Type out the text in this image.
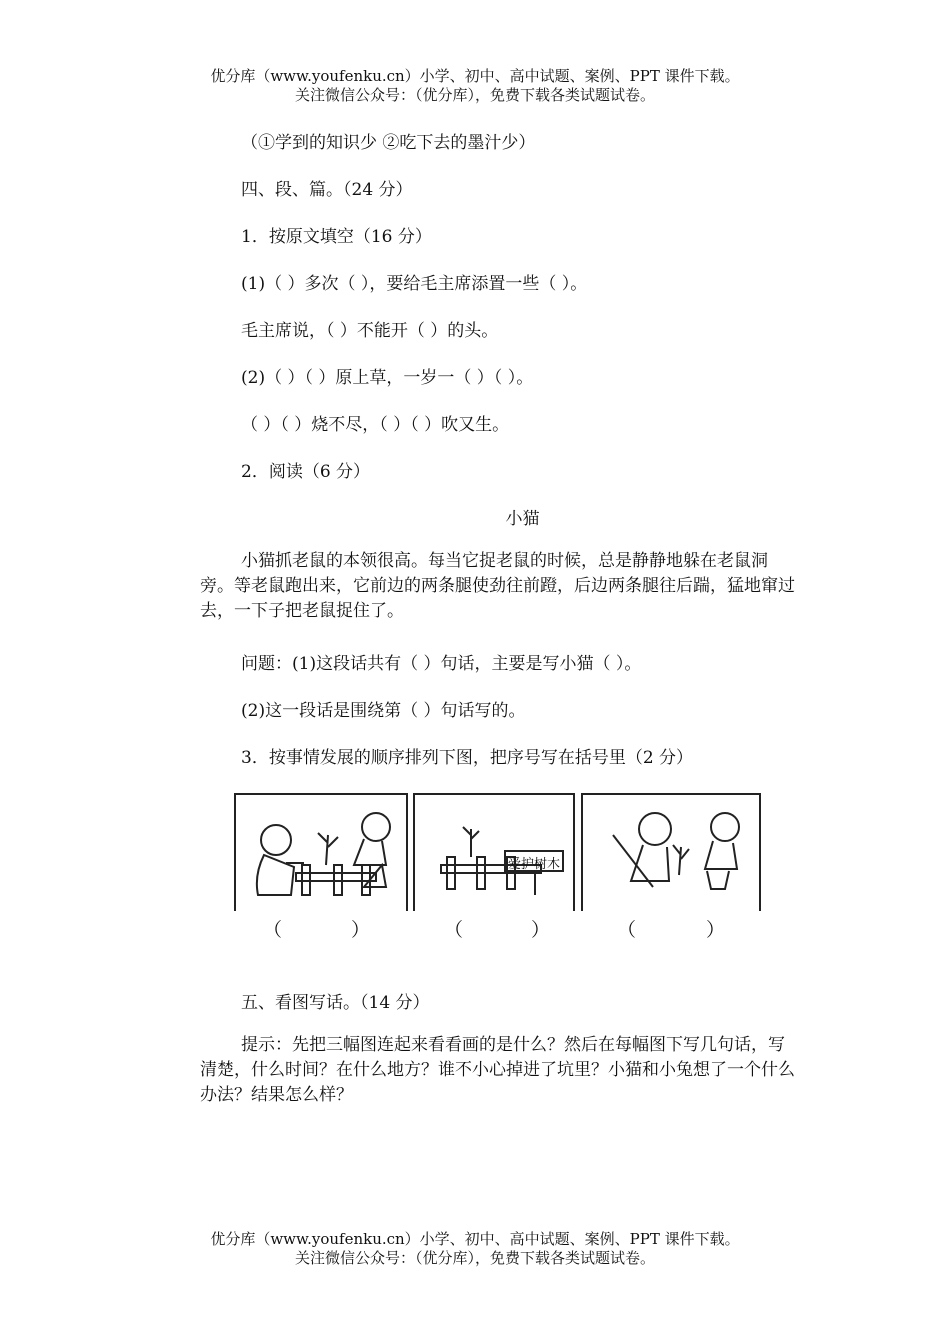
优分库（www.youfenku.cn）小学、初中、高中试题、案例、PPT 课件下载。
关注微信公众号：（优分库），免费下载各类试题试卷。
（①学到的知识少 ②吃下去的墨汁少）
四、段、篇。（24 分）
1．按原文填空（16 分）
(1)（ ）多次（ ），要给毛主席添置一些（ ）。
毛主席说，（ ）不能开（ ）的头。
(2)（ ）（ ）原上草，一岁一（ ）（ ）。
（ ）（ ）烧不尽，（ ）（ ）吹又生。
2．阅读（6 分）
小猫
小猫抓老鼠的本领很高。每当它捉老鼠的时候，总是静静地躲在老鼠洞旁。等老鼠跑出来，它前边的两条腿使劲往前蹬，后边两条腿往后踹，猛地窜过去，一下子把老鼠捉住了。
问题：(1)这段话共有（ ）句话，主要是写小猫（ ）。
(2)这一段话是围绕第（ ）句话写的。
3．按事情发展的顺序排列下图，把序号写在括号里（2 分）
爱护树木
（	）	（	）	（	）
五、看图写话。（14 分）
提示：先把三幅图连起来看看画的是什么？然后在每幅图下写几句话，写清楚，什么时间？在什么地方？谁不小心掉进了坑里？小猫和小兔想了一个什么办法？结果怎么样？
优分库（www.youfenku.cn）小学、初中、高中试题、案例、PPT 课件下载。
关注微信公众号：（优分库），免费下载各类试题试卷。
